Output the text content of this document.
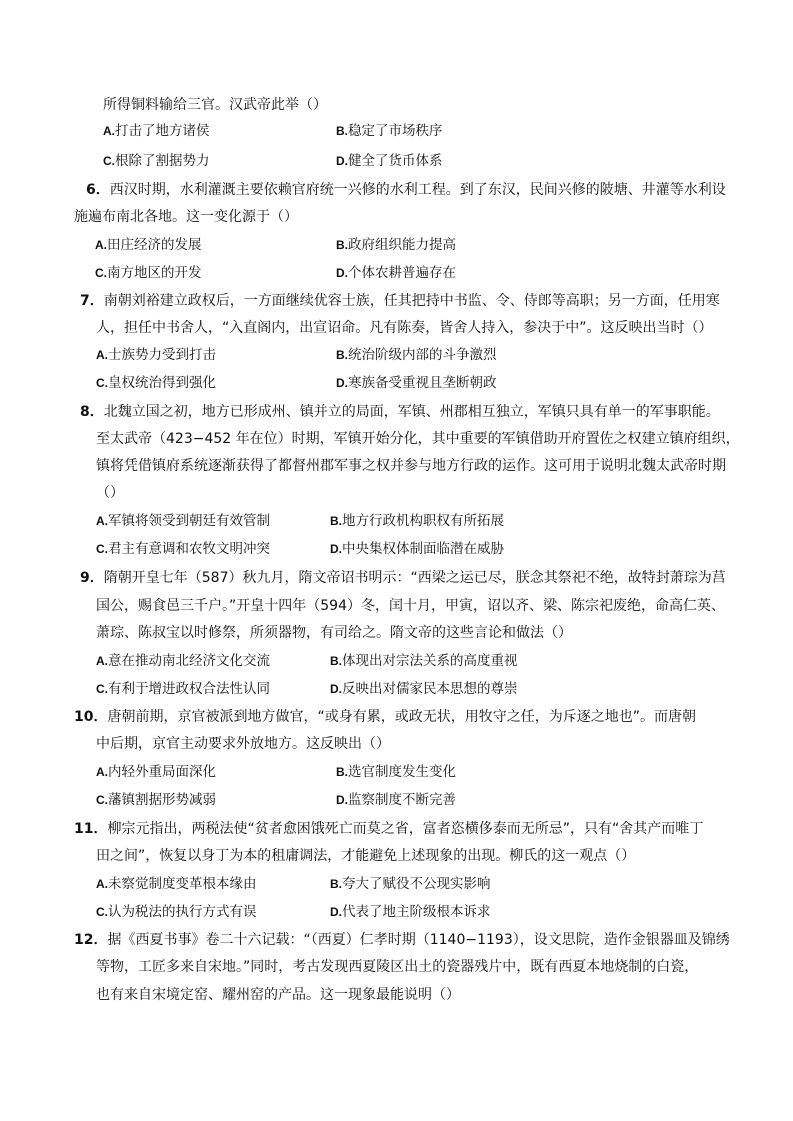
所得铜料输给三官。汉武帝此举（）
A.打击了地方诸侯	B.稳定了市场秩序
C.根除了割据势力	D.健全了货币体系
6．西汉时期，水利灌溉主要依赖官府统一兴修的水利工程。到了东汉，民间兴修的陂塘、井灌等水利设
施遍布南北各地。这一变化源于（）
A.田庄经济的发展	B.政府组织能力提高
C.南方地区的开发	D.个体农耕普遍存在
7．南朝刘裕建立政权后，一方面继续优容士族，任其把持中书监、令、侍郎等高职；另一方面，任用寒
人，担任中书舍人，“入直阁内，出宣诏命。凡有陈奏，皆舍人持入，参决于中”。这反映出当时（）
A.士族势力受到打击	B.统治阶级内部的斗争激烈
C.皇权统治得到强化	D.寒族备受重视且垄断朝政
8．北魏立国之初，地方已形成州、镇并立的局面，军镇、州郡相互独立，军镇只具有单一的军事职能。
至太武帝（423−452 年在位）时期，军镇开始分化，其中重要的军镇借助开府置佐之权建立镇府组织，
镇将凭借镇府系统逐渐获得了都督州郡军事之权并参与地方行政的运作。这可用于说明北魏太武帝时期
（）
A.军镇将领受到朝廷有效管制	B.地方行政机构职权有所拓展
C.君主有意调和农牧文明冲突	D.中央集权体制面临潜在威胁
9．隋朝开皇七年（587）秋九月，隋文帝诏书明示：“西梁之运已尽，朕念其祭祀不绝，故特封萧琮为莒
国公，赐食邑三千户。”开皇十四年（594）冬，闰十月，甲寅，诏以齐、梁、陈宗祀废绝，命高仁英、
萧琮、陈叔宝以时修祭，所须器物，有司给之。隋文帝的这些言论和做法（）
A.意在推动南北经济文化交流	B.体现出对宗法关系的高度重视
C.有利于增进政权合法性认同	D.反映出对儒家民本思想的尊崇
10．唐朝前期，京官被派到地方做官，“或身有累，或政无状，用牧守之任，为斥逐之地也”。而唐朝
中后期，京官主动要求外放地方。这反映出（）
A.内轻外重局面深化	B.选官制度发生变化
C.藩镇割据形势减弱	D.监察制度不断完善
11．柳宗元指出，两税法使“贫者愈困饿死亡而莫之省，富者恣横侈泰而无所忌”，只有“舍其产而唯丁
田之间”，恢复以身丁为本的租庸调法，才能避免上述现象的出现。柳氏的这一观点（）
A.未察觉制度变革根本缘由	B.夸大了赋役不公现实影响
C.认为税法的执行方式有误	D.代表了地主阶级根本诉求
12．据《西夏书事》卷二十六记载：“（西夏）仁孝时期（1140−1193），设文思院，造作金银器皿及锦绣
等物，工匠多来自宋地。”同时，考古发现西夏陵区出土的瓷器残片中，既有西夏本地烧制的白瓷，
也有来自宋境定窑、耀州窑的产品。这一现象最能说明（）
